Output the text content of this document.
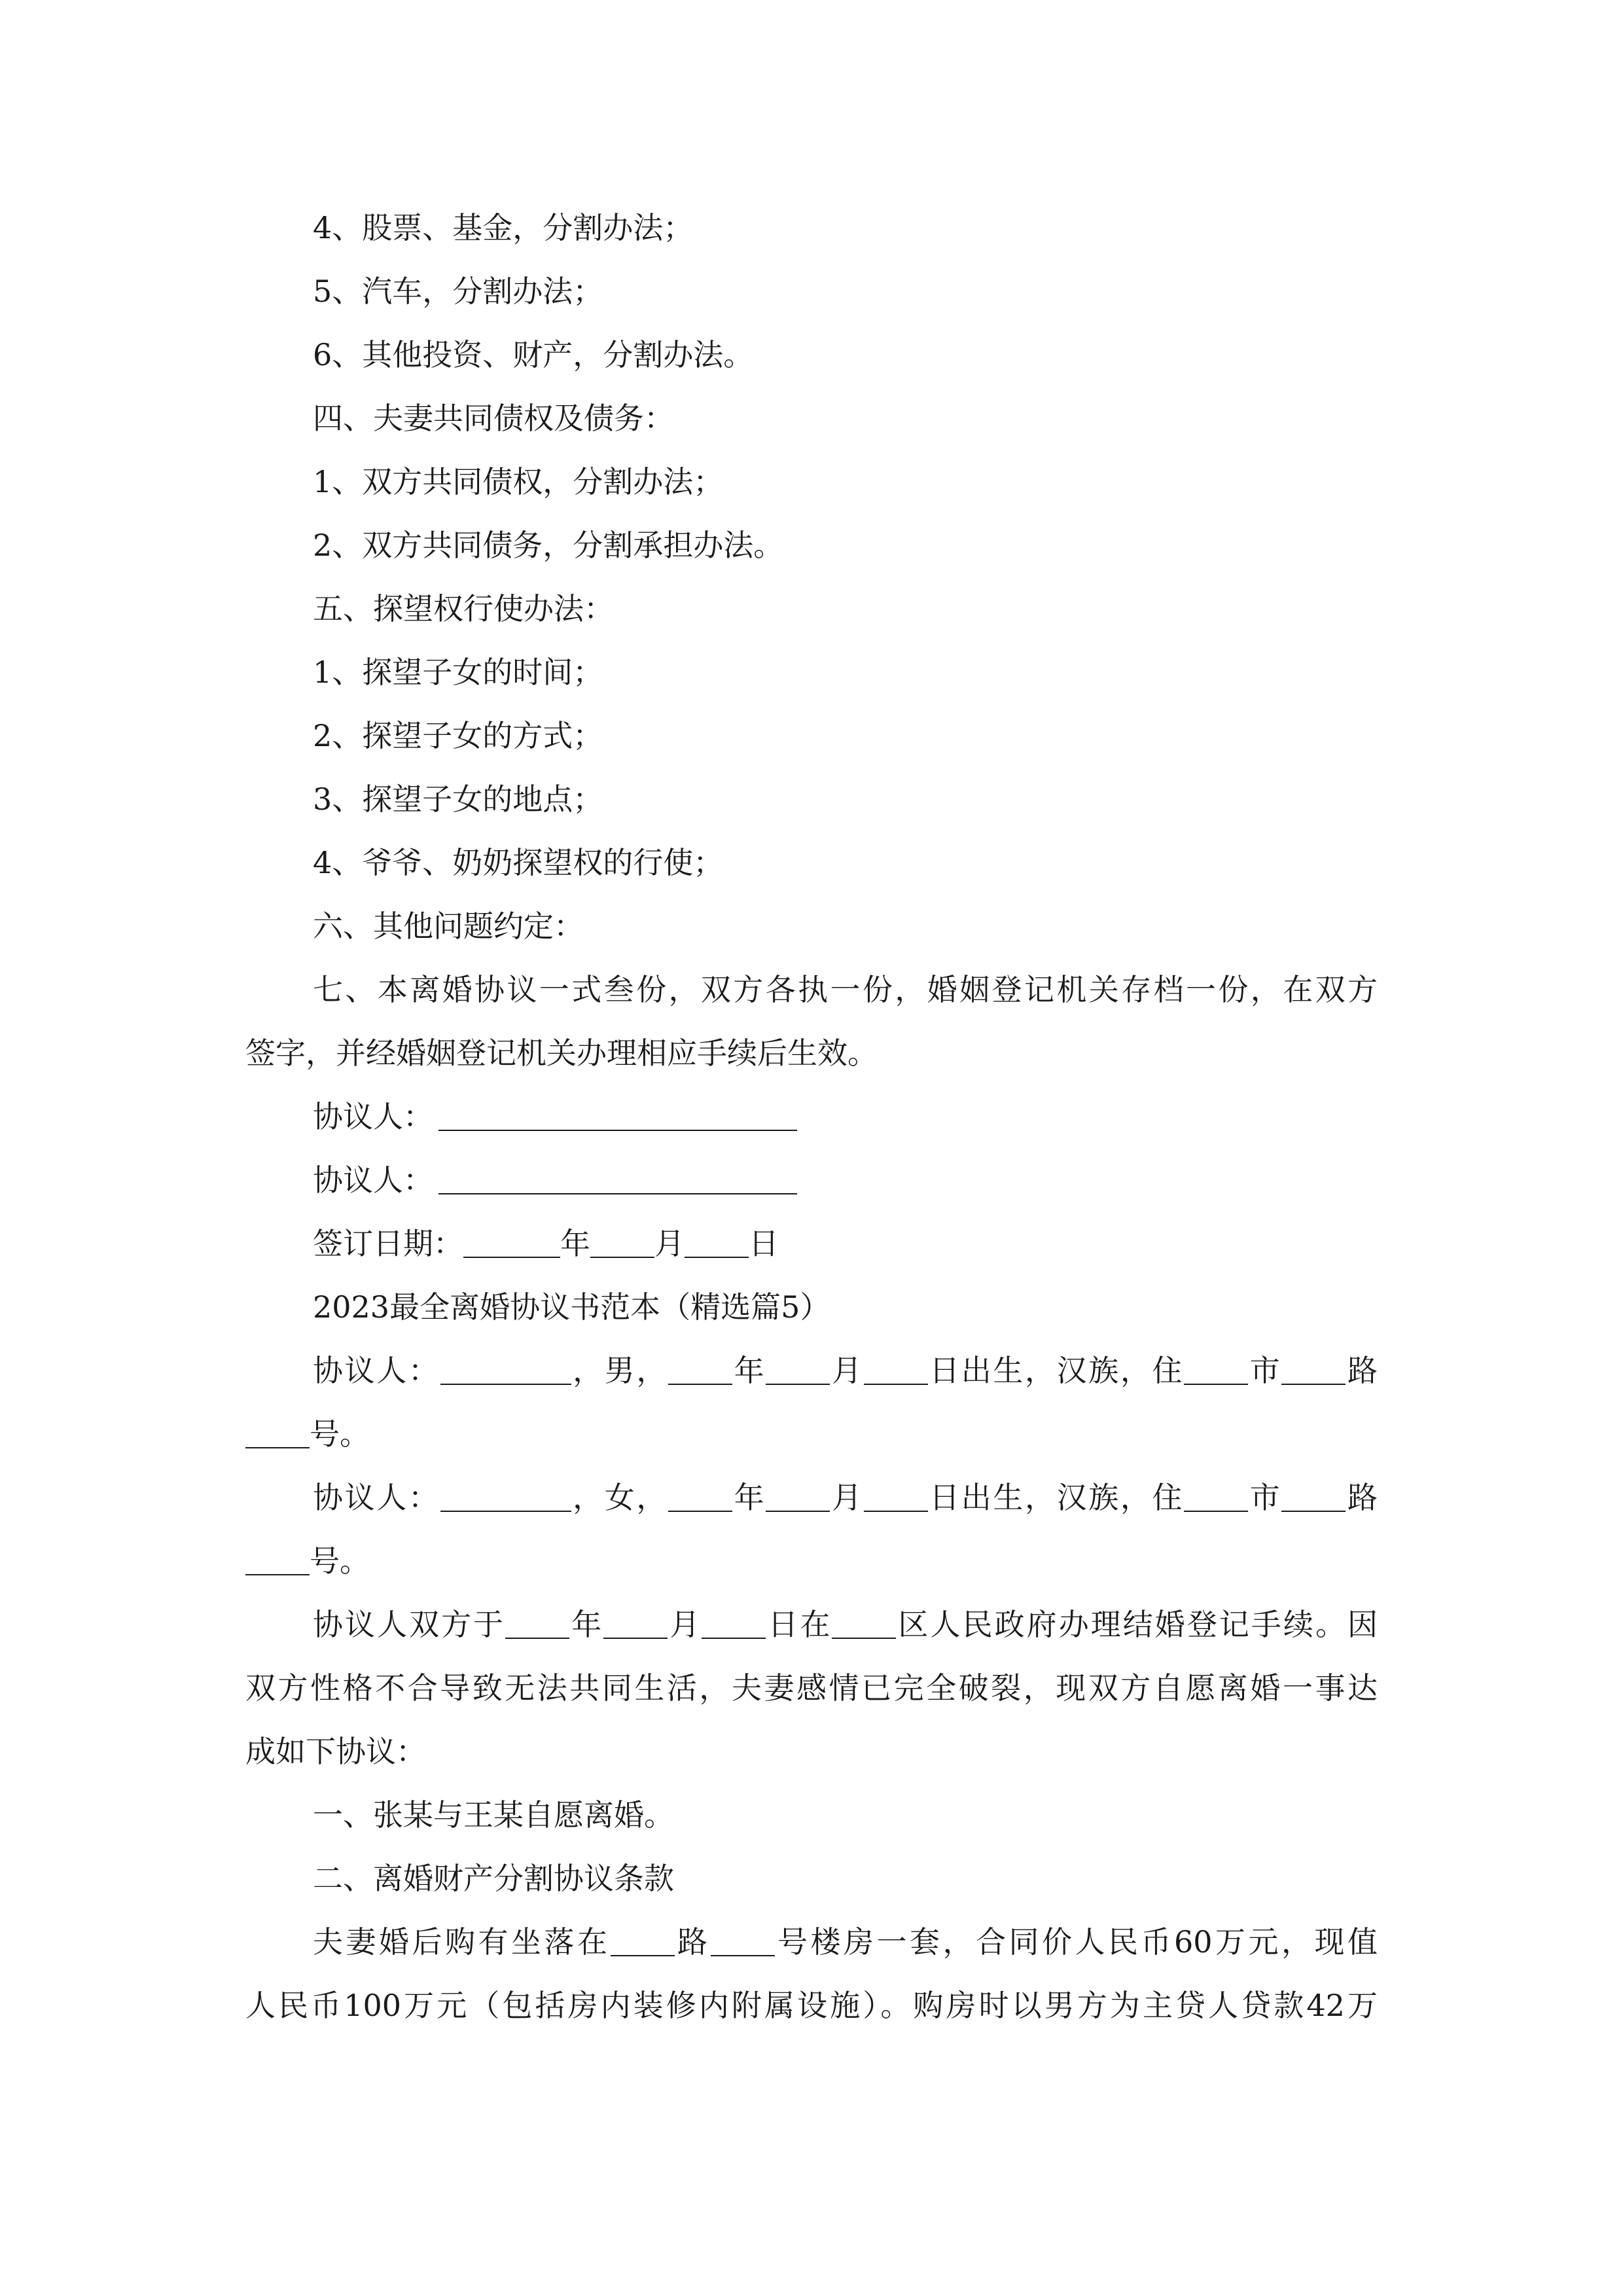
4、股票、基金，分割办法；
5、汽车，分割办法；
6、其他投资、财产，分割办法。
四、夫妻共同债权及债务：
1、双方共同债权，分割办法；
2、双方共同债务，分割承担办法。
五、探望权行使办法：
1、探望子女的时间；
2、探望子女的方式；
3、探望子女的地点；
4、爷爷、奶奶探望权的行使；
六、其他问题约定：
七、本离婚协议一式叁份，双方各执一份，婚姻登记机关存档一份，在双方
签字，并经婚姻登记机关办理相应手续后生效。
协议人：
协议人：
签订日期：	年 月 日
2023最全离婚协议书范本（精选篇5）
协议人：	，男， 年 月 日出生，汉族，住 市 路
号。
协议人：	，女， 年 月 日出生，汉族，住 市 路
号。
协议人双方于 年 月 日在 区人民政府办理结婚登记手续。因
双方性格不合导致无法共同生活，夫妻感情已完全破裂，现双方自愿离婚一事达
成如下协议：
一、张某与王某自愿离婚。
二、离婚财产分割协议条款
夫妻婚后购有坐落在 路 号楼房一套，合同价人民币60万元，现值
人民币100万元（包括房内装修内附属设施）。购房时以男方为主贷人贷款42万
